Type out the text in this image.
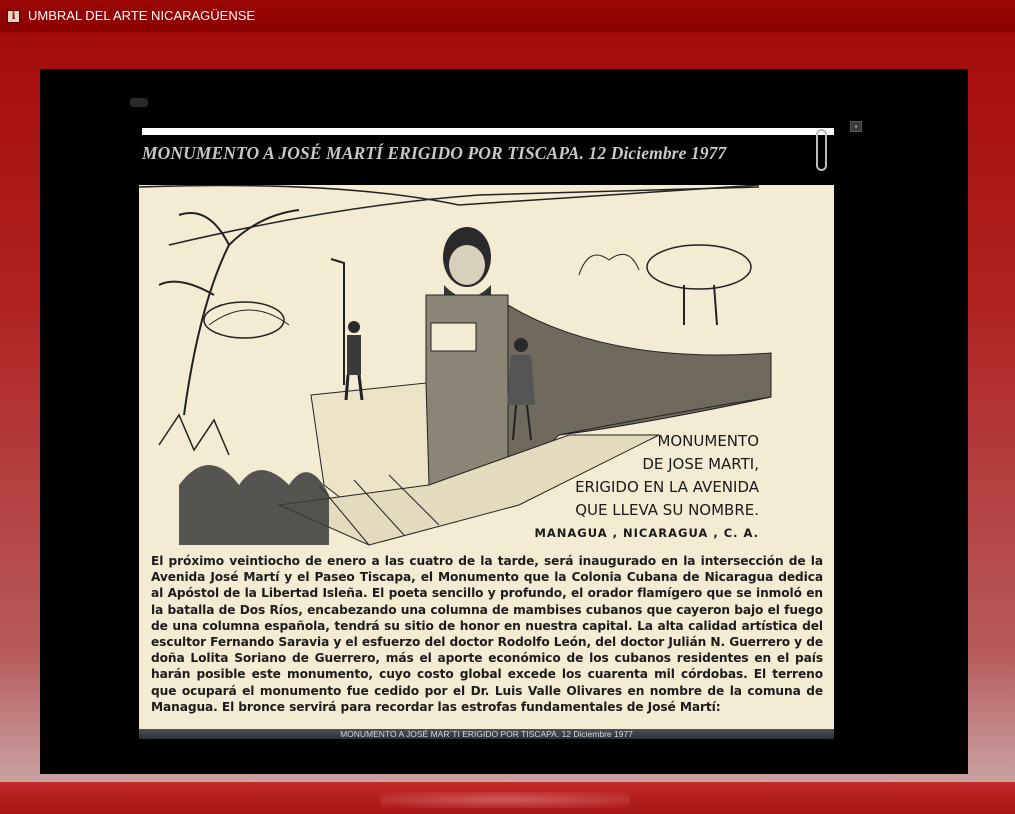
i UMBRAL DEL ARTE NICARAGÜENSE
▪
MONUMENTO A JOSÉ MARTÍ ERIGIDO POR TISCAPA. 12 Diciembre 1977
MONUMENTO
DE JOSE MARTI,
ERIGIDO EN LA AVENIDA
QUE LLEVA SU NOMBRE.
MANAGUA , NICARAGUA , C. A.
El próximo veintiocho de enero a las cuatro de la tarde, será inaugurado en la intersección de la Avenida José Martí y el Paseo Tiscapa, el Monumento que la Colonia Cubana de Nicaragua dedica al Apóstol de la Libertad Isleña. El poeta sencillo y profundo, el orador flamígero que se inmoló en la batalla de Dos Ríos, encabezando una columna de mambises cubanos que cayeron bajo el fuego de una columna española, tendrá su sitio de honor en nuestra capital. La alta calidad artística del escultor Fernando Saravia y el esfuerzo del doctor Rodolfo León, del doctor Julián N. Guerrero y de doña Lolita Soriano de Guerrero, más el aporte económico de los cubanos residentes en el país harán posible este monumento, cuyo costo global excede los cuarenta mil córdobas. El terreno que ocupará el monumento fue cedido por el Dr. Luis Valle Olivares en nombre de la comuna de Managua. El bronce servirá para recordar las estrofas fundamentales de José Martí:
MONUMENTO A JOSÉ MAR´TI ERIGIDO POR TISCAPA. 12 Diciembre 1977
